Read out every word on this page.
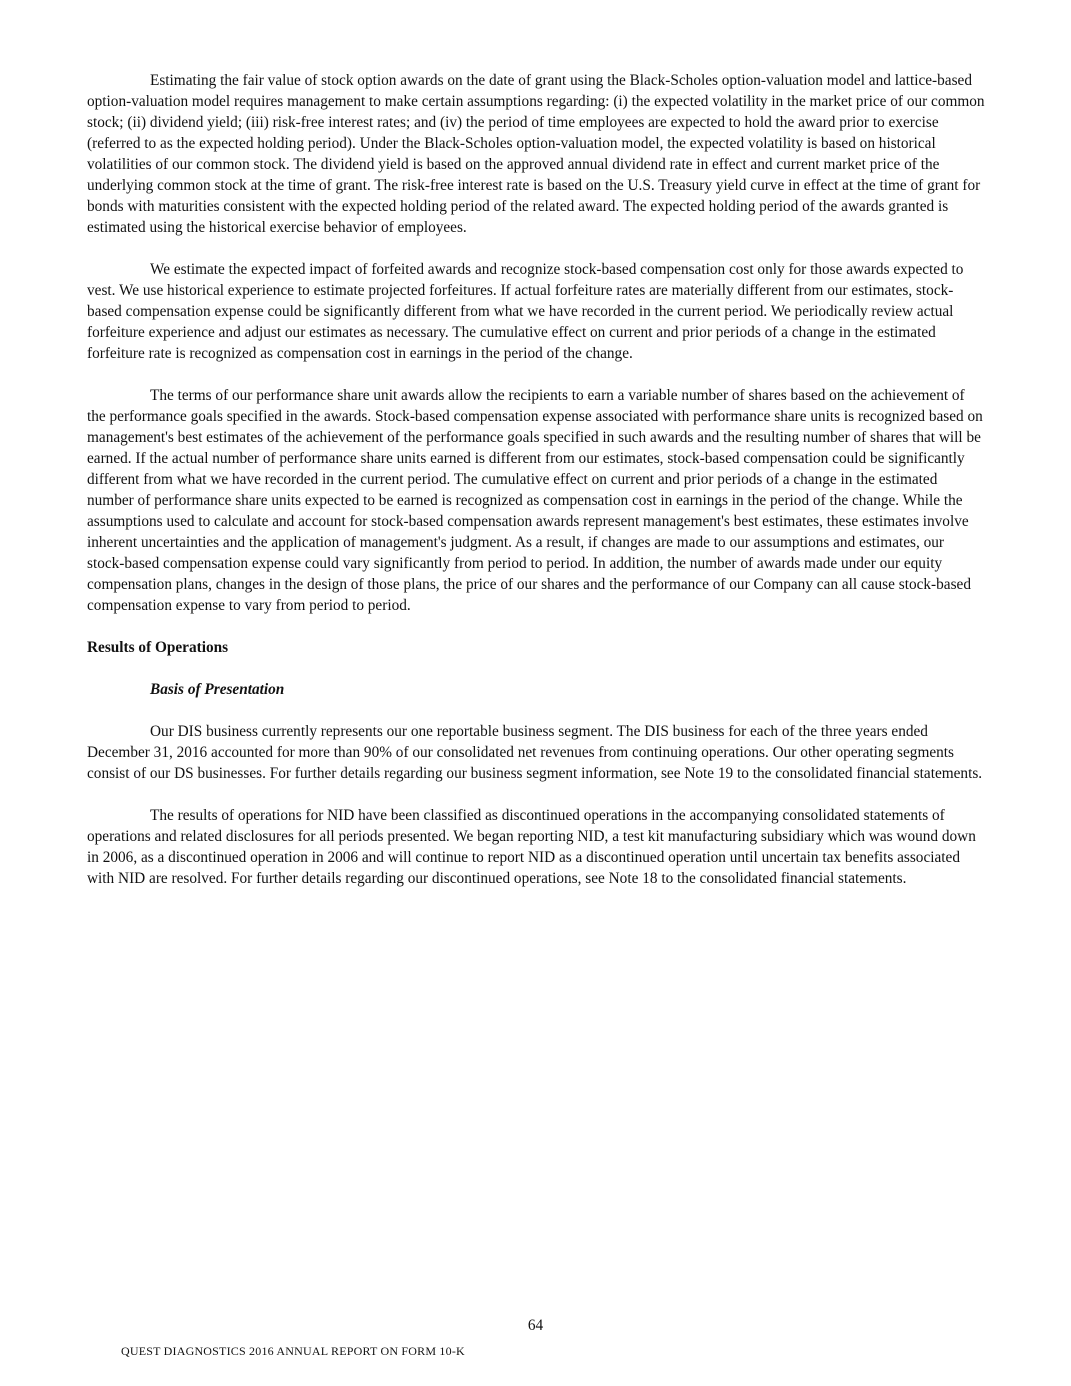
Estimating the fair value of stock option awards on the date of grant using the Black-Scholes option-valuation model and lattice-based option-valuation model requires management to make certain assumptions regarding: (i) the expected volatility in the market price of our common stock; (ii) dividend yield; (iii) risk-free interest rates; and (iv) the period of time employees are expected to hold the award prior to exercise (referred to as the expected holding period). Under the Black-Scholes option-valuation model, the expected volatility is based on historical volatilities of our common stock. The dividend yield is based on the approved annual dividend rate in effect and current market price of the underlying common stock at the time of grant. The risk-free interest rate is based on the U.S. Treasury yield curve in effect at the time of grant for bonds with maturities consistent with the expected holding period of the related award. The expected holding period of the awards granted is estimated using the historical exercise behavior of employees.

We estimate the expected impact of forfeited awards and recognize stock-based compensation cost only for those awards expected to vest. We use historical experience to estimate projected forfeitures. If actual forfeiture rates are materially different from our estimates, stock-based compensation expense could be significantly different from what we have recorded in the current period. We periodically review actual forfeiture experience and adjust our estimates as necessary. The cumulative effect on current and prior periods of a change in the estimated forfeiture rate is recognized as compensation cost in earnings in the period of the change.

The terms of our performance share unit awards allow the recipients to earn a variable number of shares based on the achievement of the performance goals specified in the awards. Stock-based compensation expense associated with performance share units is recognized based on management's best estimates of the achievement of the performance goals specified in such awards and the resulting number of shares that will be earned. If the actual number of performance share units earned is different from our estimates, stock-based compensation could be significantly different from what we have recorded in the current period. The cumulative effect on current and prior periods of a change in the estimated number of performance share units expected to be earned is recognized as compensation cost in earnings in the period of the change. While the assumptions used to calculate and account for stock-based compensation awards represent management's best estimates, these estimates involve inherent uncertainties and the application of management's judgment. As a result, if changes are made to our assumptions and estimates, our stock-based compensation expense could vary significantly from period to period. In addition, the number of awards made under our equity compensation plans, changes in the design of those plans, the price of our shares and the performance of our Company can all cause stock-based compensation expense to vary from period to period.

Results of Operations
Basis of Presentation

Our DIS business currently represents our one reportable business segment. The DIS business for each of the three years ended December 31, 2016 accounted for more than 90% of our consolidated net revenues from continuing operations. Our other operating segments consist of our DS businesses. For further details regarding our business segment information, see Note 19 to the consolidated financial statements.

The results of operations for NID have been classified as discontinued operations in the accompanying consolidated statements of operations and related disclosures for all periods presented. We began reporting NID, a test kit manufacturing subsidiary which was wound down in 2006, as a discontinued operation in 2006 and will continue to report NID as a discontinued operation until uncertain tax benefits associated with NID are resolved. For further details regarding our discontinued operations, see Note 18 to the consolidated financial statements.

64
QUEST DIAGNOSTICS 2016 ANNUAL REPORT ON FORM 10-K
